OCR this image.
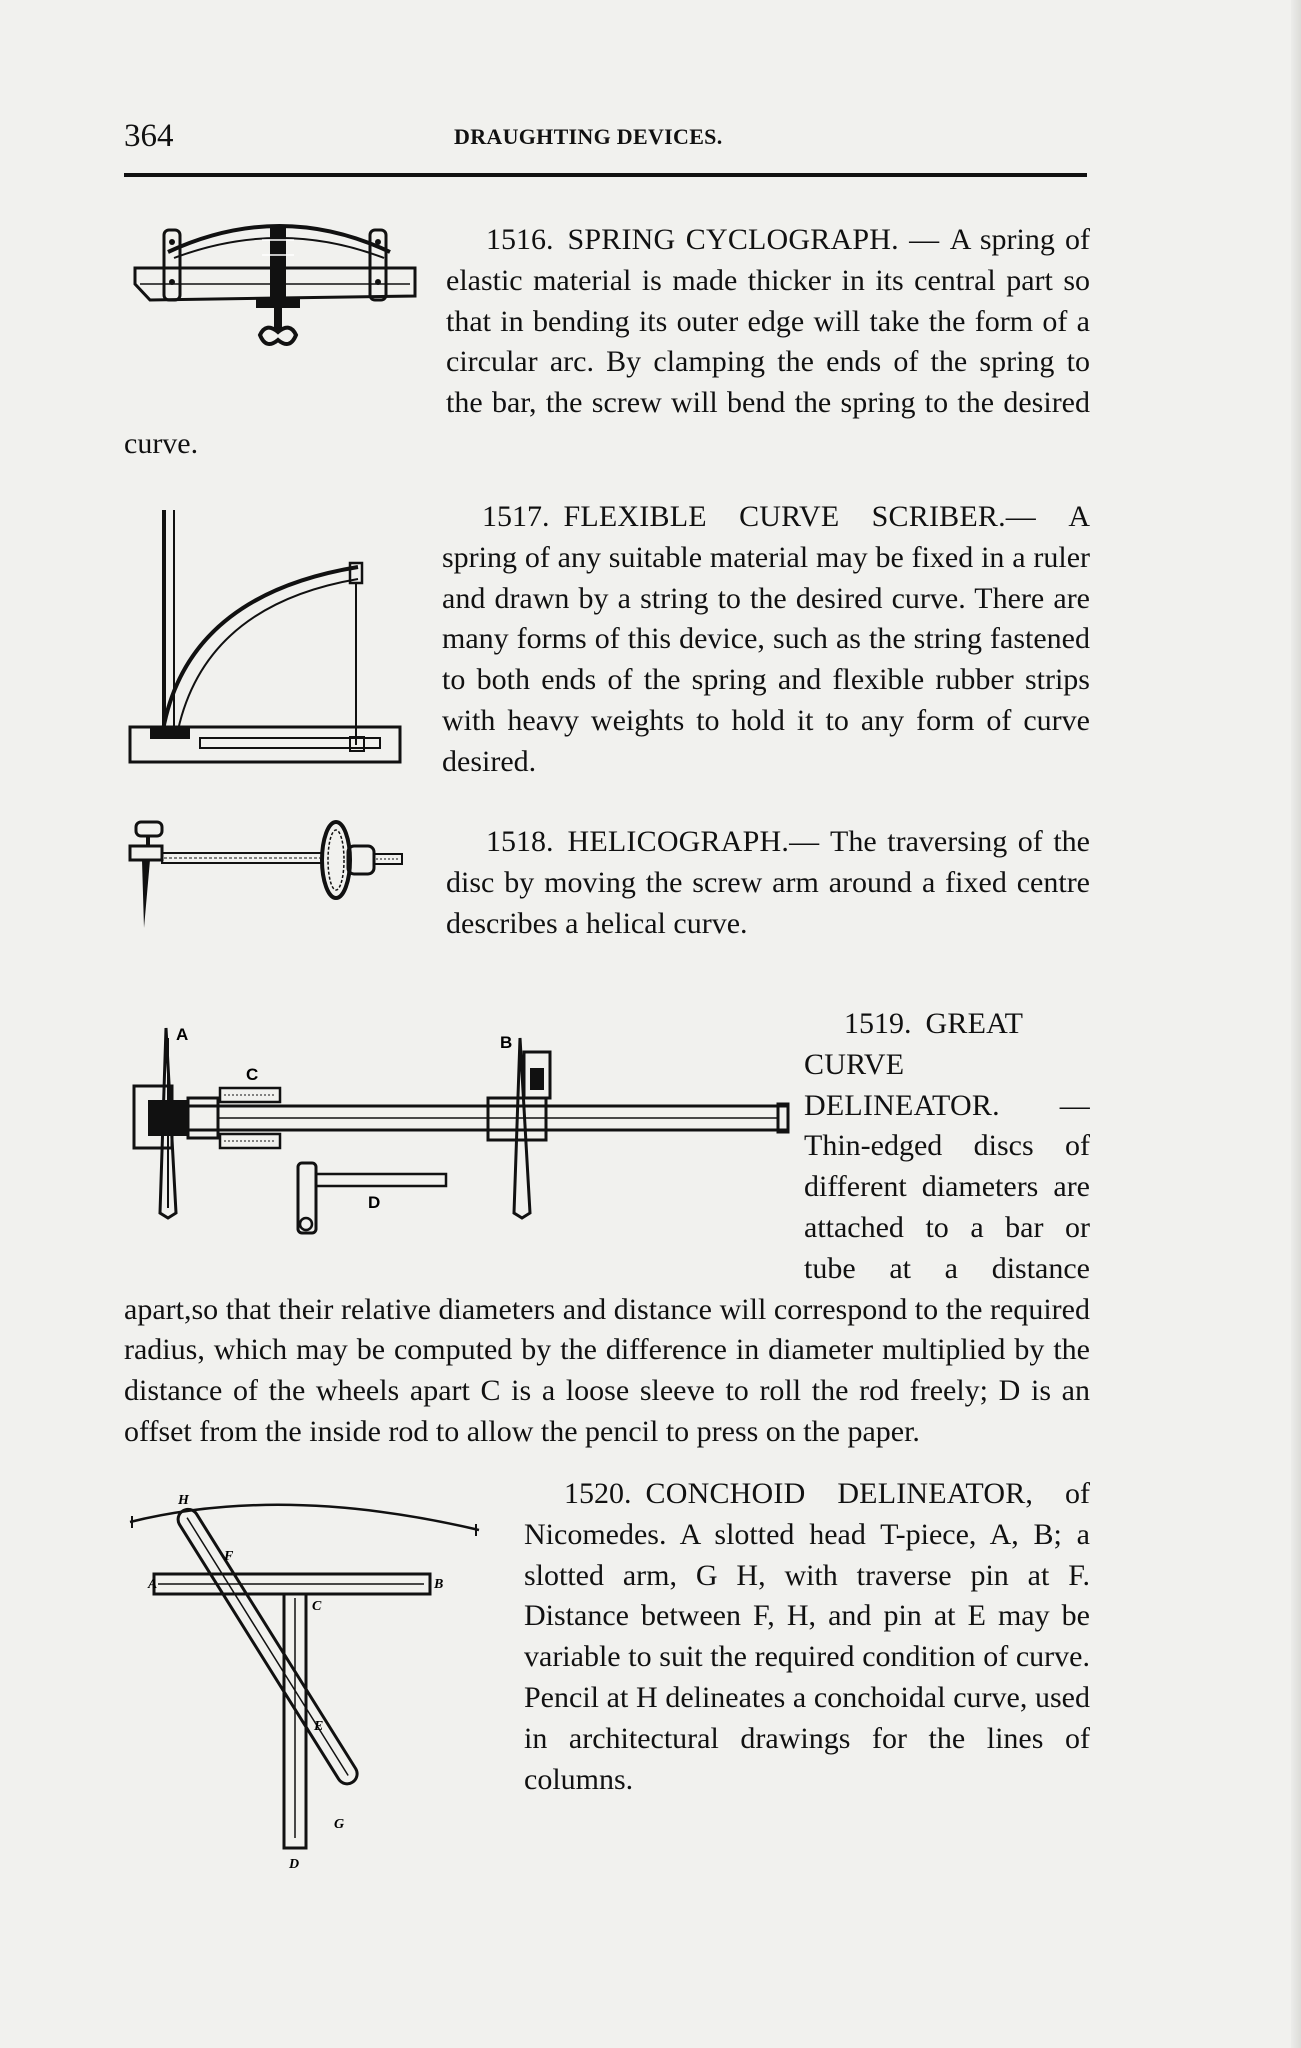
364	DRAUGHTING DEVICES.
A
C
B
D
H
F
A	B
C
E
G
D
1516. SPRING CYCLOGRAPH. — A spring of elastic material is made thicker in its central part so that in bending its outer edge will take the form of a circular arc. By clamping the ends of the spring to the bar, the screw will bend the spring to the desired curve.
1517. FLEXIBLE CURVE SCRIBER.— A spring of any suitable material may be fixed in a ruler and drawn by a string to the desired curve. There are many forms of this device, such as the string fastened to both ends of the spring and flexible rubber strips with heavy weights to hold it to any form of curve desired.
1518. HELICOGRAPH.— The traversing of the disc by moving the screw arm around a fixed centre describes a helical curve.
1519. GREAT CURVE DELINEATOR. — Thin-edged discs of different diameters are attached to a bar or tube at a distance apart,so that their relative diameters and distance will correspond to the required radius, which may be computed by the difference in diameter multiplied by the distance of the wheels apart C is a loose sleeve to roll the rod freely; D is an offset from the inside rod to allow the pencil to press on the paper.
1520. CONCHOID DELINEATOR, of Nicomedes. A slotted head T-piece, A, B; a slotted arm, G H, with traverse pin at F. Distance between F, H, and pin at E may be variable to suit the required condition of curve. Pencil at H delineates a conchoidal curve, used in architectural drawings for the lines of columns.
